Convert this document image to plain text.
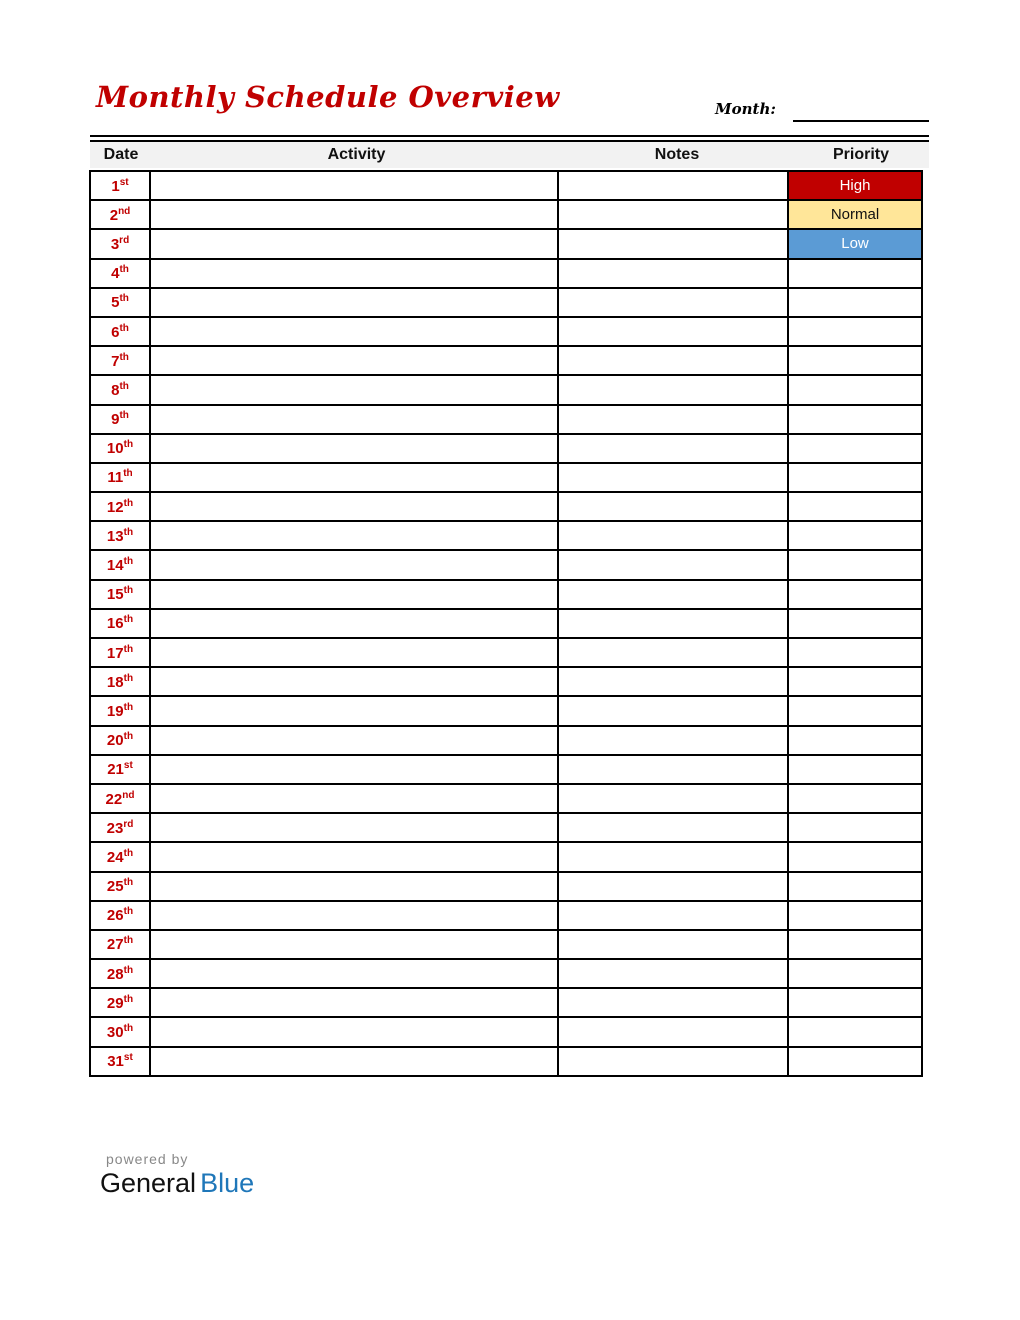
Monthly Schedule Overview	Month:
Date	Activity	Notes	Priority
1st			High
2nd			Normal
3rd			Low
4th			
5th			
6th			
7th			
8th			
9th			
10th			
11th			
12th			
13th			
14th			
15th			
16th			
17th			
18th			
19th			
20th			
21st			
22nd			
23rd			
24th			
25th			
26th			
27th			
28th			
29th			
30th			
31st			
powered by
General Blue
